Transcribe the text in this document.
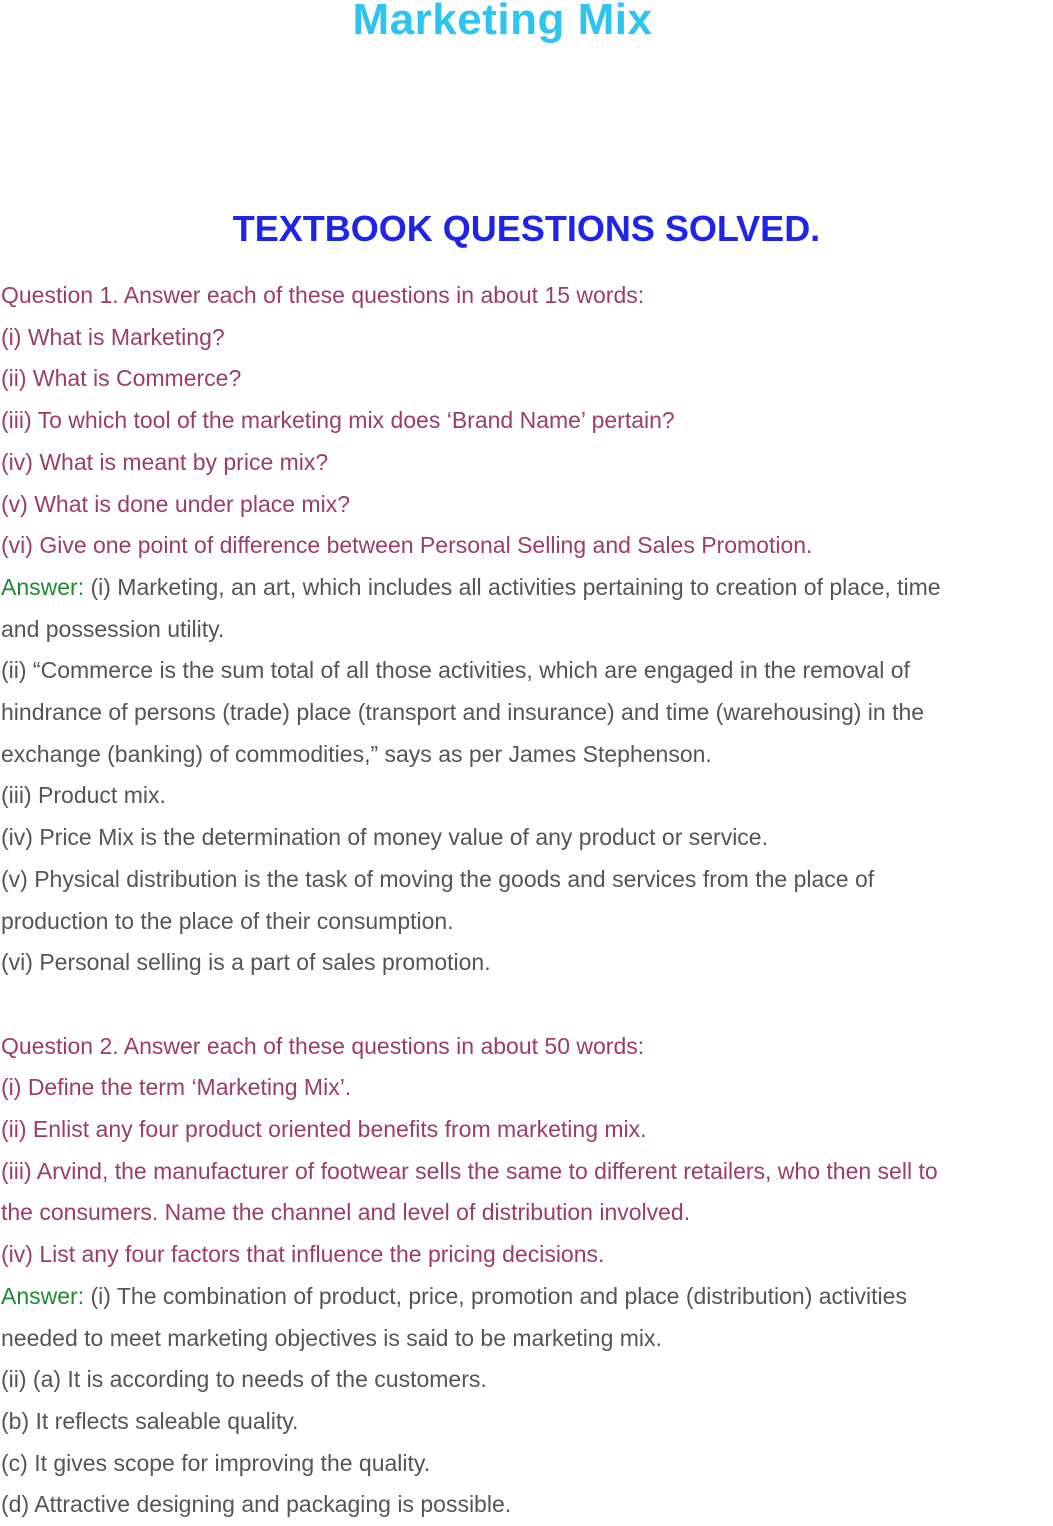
Marketing Mix
TEXTBOOK QUESTIONS SOLVED.

Question 1. Answer each of these questions in about 15 words:

(i) What is Marketing?

(ii) What is Commerce?

(iii) To which tool of the marketing mix does ‘Brand Name’ pertain?

(iv) What is meant by price mix?

(v) What is done under place mix?

(vi) Give one point of difference between Personal Selling and Sales Promotion.

Answer: (i) Marketing, an art, which includes all activities pertaining to creation of place, time

and possession utility.

(ii) “Commerce is the sum total of all those activities, which are engaged in the removal of

hindrance of persons (trade) place (transport and insurance) and time (warehousing) in the

exchange (banking) of commodities,” says as per James Stephenson.

(iii) Product mix.

(iv) Price Mix is the determination of money value of any product or service.

(v) Physical distribution is the task of moving the goods and services from the place of

production to the place of their consumption.

(vi) Personal selling is a part of sales promotion.

Question 2. Answer each of these questions in about 50 words:

(i) Define the term ‘Marketing Mix’.

(ii) Enlist any four product oriented benefits from marketing mix.

(iii) Arvind, the manufacturer of footwear sells the same to different retailers, who then sell to

the consumers. Name the channel and level of distribution involved.

(iv) List any four factors that influence the pricing decisions.

Answer: (i) The combination of product, price, promotion and place (distribution) activities

needed to meet marketing objectives is said to be marketing mix.

(ii) (a) It is according to needs of the customers.

(b) It reflects saleable quality.

(c) It gives scope for improving the quality.

(d) Attractive designing and packaging is possible.
